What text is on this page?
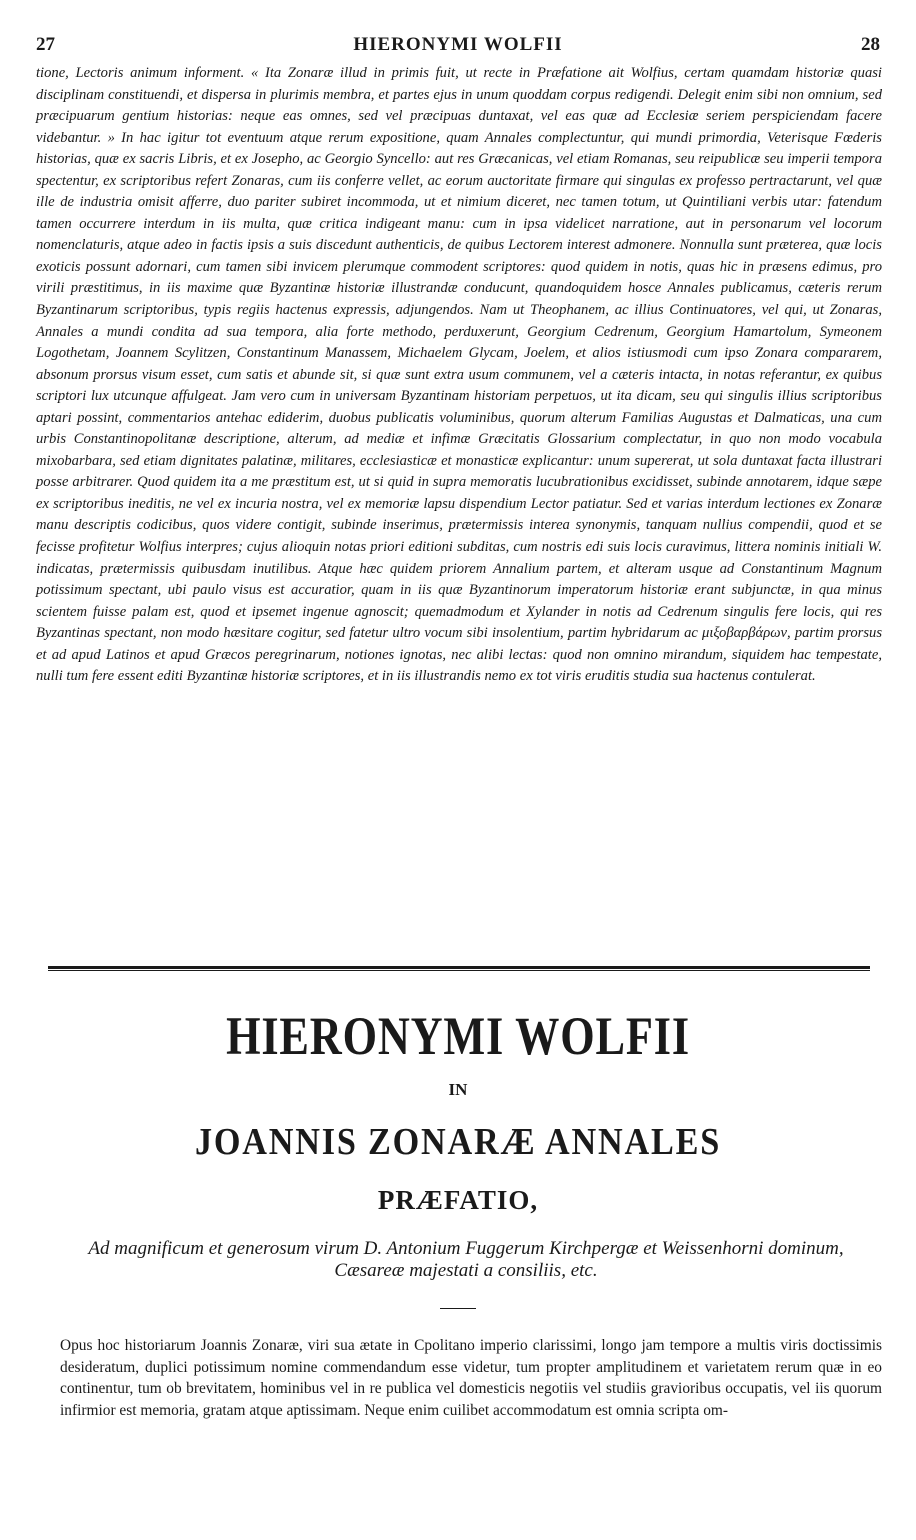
27	HIERONYMI WOLFII	28

tione, Lectoris animum informent. « Ita Zonaræ illud in primis fuit, ut recte in Præfatione ait Wolfius, certam quamdam historiæ quasi disciplinam constituendi, et dispersa in plurimis membra, et partes ejus in unum quoddam corpus redigendi. Delegit enim sibi non omnium, sed præcipuarum gentium historias: neque eas omnes, sed vel præcipuas duntaxat, vel eas quæ ad Ecclesiæ seriem perspiciendam facere videbantur. » In hac igitur tot eventuum atque rerum expositione, quam Annales complectuntur, qui mundi primordia, Veterisque Fœderis historias, quæ ex sacris Libris, et ex Josepho, ac Georgio Syncello: aut res Græcanicas, vel etiam Romanas, seu reipublicæ seu imperii tempora spectentur, ex scriptoribus refert Zonaras, cum iis conferre vellet, ac eorum auctoritate firmare qui singulas ex professo pertractarunt, vel quæ ille de industria omisit afferre, duo pariter subiret incommoda, ut et nimium diceret, nec tamen totum, ut Quintiliani verbis utar: fatendum tamen occurrere interdum in iis multa, quæ critica indigeant manu: cum in ipsa videlicet narratione, aut in personarum vel locorum nomenclaturis, atque adeo in factis ipsis a suis discedunt authenticis, de quibus Lectorem interest admonere. Nonnulla sunt præterea, quæ locis exoticis possunt adornari, cum tamen sibi invicem plerumque commodent scriptores: quod quidem in notis, quas hic in præsens edimus, pro virili præstitimus, in iis maxime quæ Byzantinæ historiæ illustrandæ conducunt, quandoquidem hosce Annales publicamus, cæteris rerum Byzantinarum scriptoribus, typis regiis hactenus expressis, adjungendos. Nam ut Theophanem, ac illius Continuatores, vel qui, ut Zonaras, Annales a mundi condita ad sua tempora, alia forte methodo, perduxerunt, Georgium Cedrenum, Georgium Hamartolum, Symeonem Logothetam, Joannem Scylitzen, Constantinum Manassem, Michaelem Glycam, Joelem, et alios istiusmodi cum ipso Zonara compararem, absonum prorsus visum esset, cum satis et abunde sit, si quæ sunt extra usum communem, vel a cæteris intacta, in notas referantur, ex quibus scriptori lux utcunque affulgeat. Jam vero cum in universam Byzantinam historiam perpetuos, ut ita dicam, seu qui singulis illius scriptoribus aptari possint, commentarios antehac ediderim, duobus publicatis voluminibus, quorum alterum Familias Augustas et Dalmaticas, una cum urbis Constantinopolitanæ descriptione, alterum, ad mediæ et infimæ Græcitatis Glossarium complectatur, in quo non modo vocabula mixobarbara, sed etiam dignitates palatinæ, militares, ecclesiasticæ et monasticæ explicantur: unum supererat, ut sola duntaxat facta illustrari posse arbitrarer. Quod quidem ita a me præstitum est, ut si quid in supra memoratis lucubrationibus excidisset, subinde annotarem, idque sæpe ex scriptoribus ineditis, ne vel ex incuria nostra, vel ex memoriæ lapsu dispendium Lector patiatur. Sed et varias interdum lectiones ex Zonaræ manu descriptis codicibus, quos videre contigit, subinde inserimus, prætermissis interea synonymis, tanquam nullius compendii, quod et se fecisse profitetur Wolfius interpres; cujus alioquin notas priori editioni subditas, cum nostris edi suis locis curavimus, littera nominis initiali W. indicatas, prætermissis quibusdam inutilibus. Atque hæc quidem priorem Annalium partem, et alteram usque ad Constantinum Magnum potissimum spectant, ubi paulo visus est accuratior, quam in iis quæ Byzantinorum imperatorum historiæ erant subjunctæ, in qua minus scientem fuisse palam est, quod et ipsemet ingenue agnoscit; quemadmodum et Xylander in notis ad Cedrenum singulis fere locis, qui res Byzantinas spectant, non modo hæsitare cogitur, sed fatetur ultro vocum sibi insolentium, partim hybridarum ac μιξοβαρβάρων, partim prorsus et ad apud Latinos et apud Græcos peregrinarum, notiones ignotas, nec alibi lectas: quod non omnino mirandum, siquidem hac tempestate, nulli tum fere essent editi Byzantinæ historiæ scriptores, et in iis illustrandis nemo ex tot viris eruditis studia sua hactenus contulerat.

HIERONYMI WOLFII
IN
JOANNIS ZONARÆ ANNALES
PRÆFATIO,
Ad magnificum et generosum virum D. Antonium Fuggerum Kirchpergæ et Weissenhorni dominum, Cæsareæ majestati a consiliis, etc.

Opus hoc historiarum Joannis Zonaræ, viri sua ætate in Cpolitano imperio clarissimi, longo jam tempore a multis viris doctissimis desideratum, duplici potissimum nomine commendandum esse videtur, tum propter amplitudinem et varietatem rerum quæ in eo continentur, tum ob brevitatem, hominibus vel in re publica vel domesticis negotiis vel studiis gravioribus occupatis, vel iis quorum infirmior est memoria, gratam atque aptissimam. Neque enim cuilibet accommodatum est omnia scripta om-
